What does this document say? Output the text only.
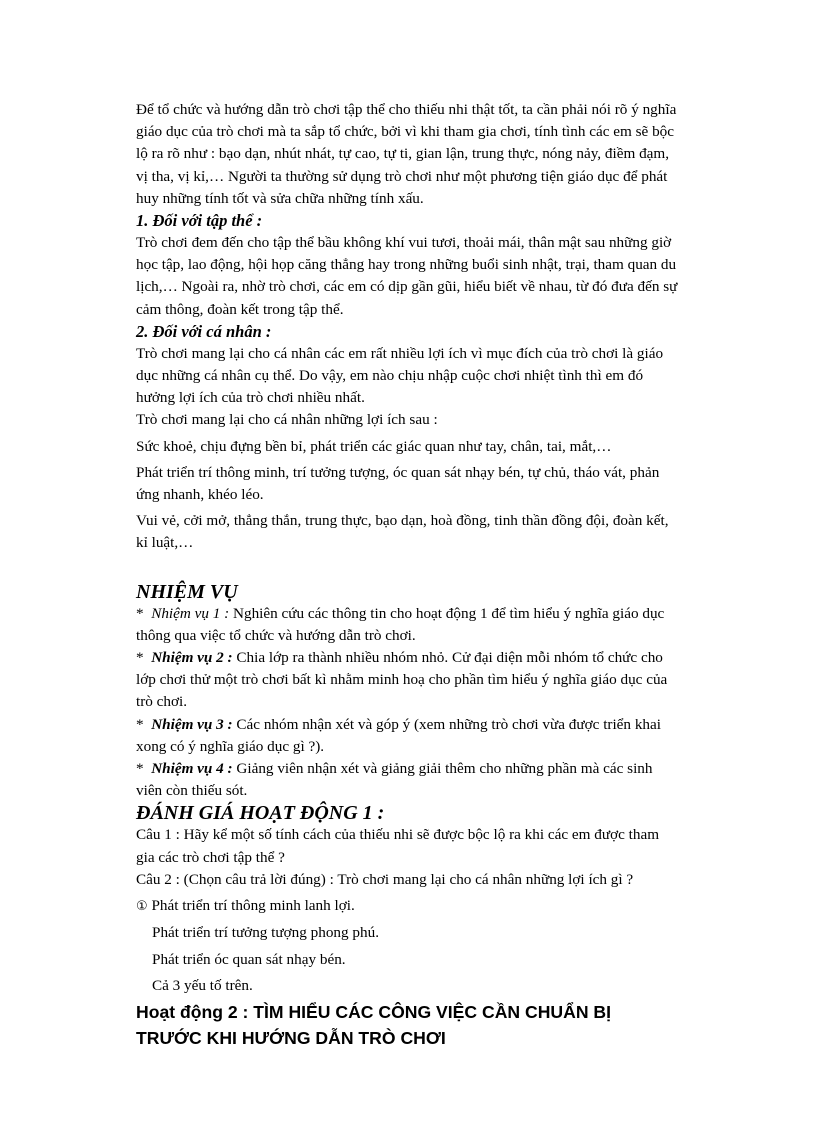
Để tổ chức và hướng dẫn trò chơi tập thể cho thiếu nhi thật tốt, ta cần phải nói rõ ý nghĩa giáo dục của trò chơi mà ta sắp tổ chức, bởi vì khi tham gia chơi, tính tình các em sẽ bộc lộ ra rõ như : bạo dạn, nhút nhát, tự cao, tự ti, gian lận, trung thực, nóng nảy, điềm đạm, vị tha, vị kỉ,… Người ta thường sử dụng trò chơi như một phương tiện giáo dục để phát huy những tính tốt và sửa chữa những tính xấu.

1. Đối với tập thể :

Trò chơi đem đến cho tập thể bầu không khí vui tươi, thoải mái, thân mật sau những giờ học tập, lao động, hội họp căng thẳng hay trong những buổi sinh nhật, trại, tham quan du lịch,… Ngoài ra, nhờ trò chơi, các em có dịp gần gũi, hiểu biết về nhau, từ đó đưa đến sự cảm thông, đoàn kết trong tập thể.

2. Đối với cá nhân :

Trò chơi mang lại cho cá nhân các em rất nhiều lợi ích vì mục đích của trò chơi là giáo dục những cá nhân cụ thể. Do vậy, em nào chịu nhập cuộc chơi nhiệt tình thì em đó hưởng lợi ích của trò chơi nhiều nhất.

Trò chơi mang lại cho cá nhân những lợi ích sau :

Sức khoẻ, chịu đựng bền bỉ, phát triển các giác quan như tay, chân, tai, mắt,…

Phát triển trí thông minh, trí tưởng tượng, óc quan sát nhạy bén, tự chủ, tháo vát, phản ứng nhanh, khéo léo.

Vui vẻ, cởi mở, thẳng thắn, trung thực, bạo dạn, hoà đồng, tinh thần đồng đội, đoàn kết, kỉ luật,…

NHIỆM VỤ

* Nhiệm vụ 1 : Nghiên cứu các thông tin cho hoạt động 1 để tìm hiểu ý nghĩa giáo dục thông qua việc tổ chức và hướng dẫn trò chơi.

* Nhiệm vụ 2 : Chia lớp ra thành nhiều nhóm nhỏ. Cử đại diện mỗi nhóm tổ chức cho lớp chơi thử một trò chơi bất kì nhằm minh hoạ cho phần tìm hiểu ý nghĩa giáo dục của trò chơi.

* Nhiệm vụ 3 : Các nhóm nhận xét và góp ý (xem những trò chơi vừa được triển khai xong có ý nghĩa giáo dục gì ?).

* Nhiệm vụ 4 : Giảng viên nhận xét và giảng giải thêm cho những phần mà các sinh viên còn thiếu sót.

ĐÁNH GIÁ HOẠT ĐỘNG 1 :

Câu 1 : Hãy kể một số tính cách của thiếu nhi sẽ được bộc lộ ra khi các em được tham gia các trò chơi tập thể ?

Câu 2 : (Chọn câu trả lời đúng) : Trò chơi mang lại cho cá nhân những lợi ích gì ?

① Phát triển trí thông minh lanh lợi.

Phát triển trí tưởng tượng phong phú.

Phát triển óc quan sát nhạy bén.

Cả 3 yếu tố trên.

Hoạt động 2 : TÌM HIỂU CÁC CÔNG VIỆC CẦN CHUẨN BỊ
TRƯỚC KHI HƯỚNG DẪN TRÒ CHƠI
